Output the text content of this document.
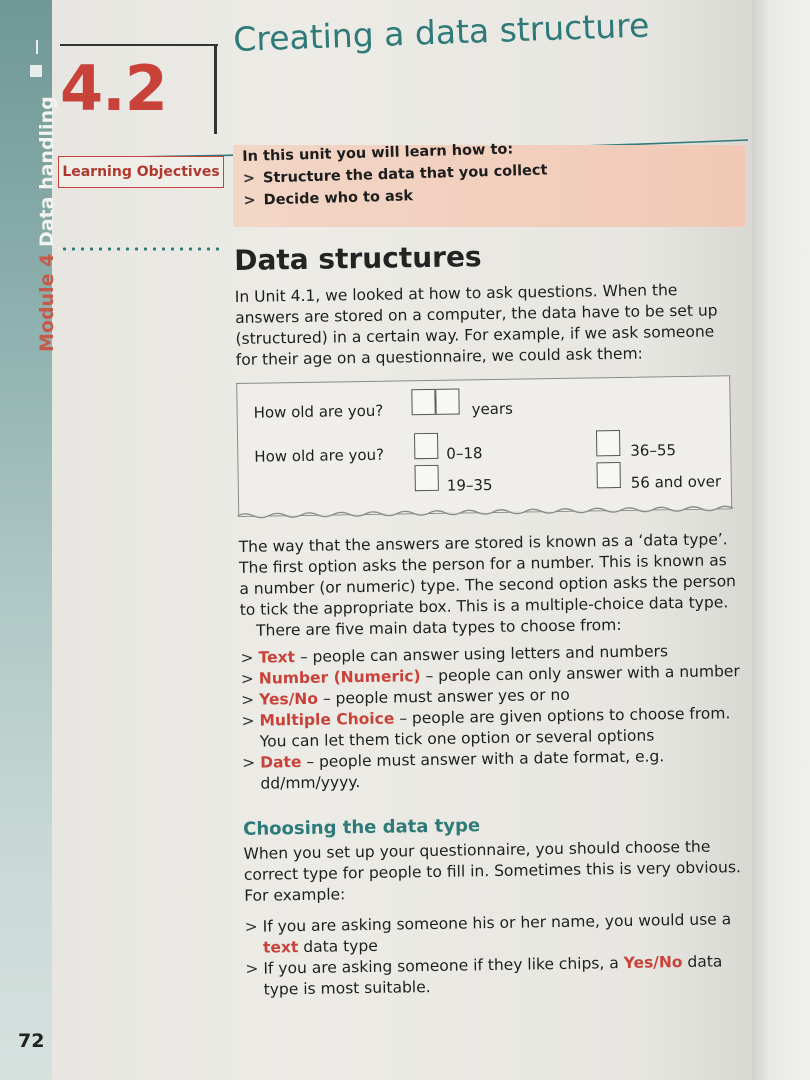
Module 4 Data handling
4.2
Creating a data structure
Learning Objectives
In this unit you will learn how to:
> Structure the data that you collect
> Decide who to ask
Data structures

In Unit 4.1, we looked at how to ask questions. When the answers are stored on a computer, the data have to be set up (structured) in a certain way. For example, if we ask someone for their age on a questionnaire, we could ask them:

How old are you?	years
How old are you?	0–18
19–35
36–55
56 and over

The way that the answers are stored is known as a ‘data type’. The first option asks the person for a number. This is known as a number (or numeric) type. The second option asks the person to tick the appropriate box. This is a multiple-choice data type.

There are five main data types to choose from:

> Text – people can answer using letters and numbers
> Number (Numeric) – people can only answer with a number
> Yes/No – people must answer yes or no
> Multiple Choice – people are given options to choose from. You can let them tick one option or several options
> Date – people must answer with a date format, e.g. dd/mm/yyyy.
Choosing the data type

When you set up your questionnaire, you should choose the correct type for people to fill in. Sometimes this is very obvious. For example:

> If you are asking someone his or her name, you would use a text data type
> If you are asking someone if they like chips, a Yes/No data type is most suitable.
72
